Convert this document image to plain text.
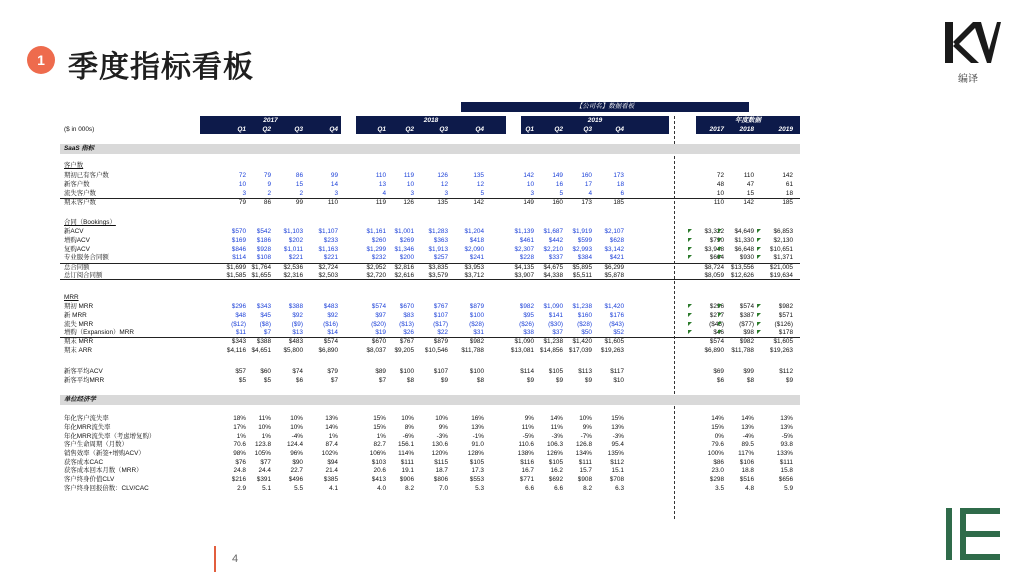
1 季度指标看板	编译
4
【公司名】数据看板
($ in 000s)
2017	2018	2019	年度数据
Q1	Q2	Q3	Q4	Q1	Q2	Q3	Q4	Q1	Q2	Q3	Q4	2017	2018	2019
SaaS 指标
客户数
期初已有客户数	72	79	86	99	110	119	126	135	142	149	160	173	72	110	142
新客户数	10	9	15	14	13	10	12	12	10	16	17	18	48	47	61
流失客户数	3	2	2	3	4	3	3	5	3	5	4	6	10	15	18
期末客户数	79	86	99	110	119	126	135	142	149	160	173	185	110	142	185
合同（Bookings）
新ACV	$570	$542	$1,103	$1,107	$1,161	$1,001	$1,283	$1,204	$1,139	$1,687	$1,919	$2,107	$3,322	$4,649	$6,853
增购ACV	$169	$186	$202	$233	$260	$269	$363	$418	$461	$442	$599	$628	$790	$1,330	$2,130
复购ACV	$846	$928	$1,011	$1,163	$1,299	$1,346	$1,913	$2,090	$2,307	$2,210	$2,993	$3,142	$3,948	$6,648	$10,651
专业服务合同额	$114	$108	$221	$221	$232	$200	$257	$241	$228	$337	$384	$421	$664	$930	$1,371
总合同额	$1,699 $1,764	$2,536	$2,724	$2,952	$2,816	$3,835	$3,953	$4,135	$4,675	$5,895	$6,299	$8,724	$13,556	$21,005
总订阅合同额	$1,585 $1,655	$2,316	$2,503	$2,720	$2,616	$3,579	$3,712	$3,907	$4,338	$5,511	$5,878	$8,059	$12,626	$19,634
MRR
期初 MRR	$296	$343	$388	$483	$574	$670	$767	$879	$982	$1,090	$1,238	$1,420	$296	$574	$982
新 MRR	$48	$45	$92	$92	$97	$83	$107	$100	$95	$141	$160	$176	$277	$387	$571
流失 MRR	($12)	($8)	($9)	($16)	($20)	($13)	($17)	($28)	($26)	($30)	($28)	($43)	($45)	($77)	($126)
增购（Expansion）MRR	$11	$7	$13	$14	$19	$26	$22	$31	$38	$37	$50	$52	$46	$98	$178
期末 MRR	$343	$388	$483	$574	$670	$767	$879	$982	$1,090	$1,238	$1,420	$1,605	$574	$982	$1,605
期末 ARR	$4,116 $4,651	$5,800	$6,890	$8,037	$9,205	$10,546	$11,788	$13,081 $14,856 $17,039	$19,263	$6,890	$11,788	$19,263
新客平均ACV	$57	$60	$74	$79	$89	$100	$107	$100	$114	$105	$113	$117	$69	$99	$112
新客平均MRR	$5	$5	$6	$7	$7	$8	$9	$8	$9	$9	$9	$10	$6	$8	$9
单位经济学
年化客户流失率	18%	11%	10%	13%	15%	10%	10%	16%	9%	14%	10%	15%	14%	14%	13%
年化MRR流失率	17%	10%	10%	14%	15%	8%	9%	13%	11%	11%	9%	13%	15%	13%	13%
年化MRR流失率（考虑增复购）	1%	1%	-4%	1%	1%	-6%	-3%	-1%	-5%	-3%	-7%	-3%	0%	-4%	-5%
客户生命周期（月数）	70.6	123.8	124.4	87.4	82.7	156.1	130.6	91.0	110.6	106.3	126.8	95.4	79.6	89.5	93.8
销售效率（新签+增购ACV）	98%	105%	96%	102%	106%	114%	120%	128%	138%	126%	134%	135%	100%	117%	133%
获客成本CAC	$76	$77	$90	$94	$103	$111	$115	$105	$116	$105	$111	$112	$86	$106	$111
获客成本回本月数（MRR）	24.8	24.4	22.7	21.4	20.6	19.1	18.7	17.3	16.7	16.2	15.7	15.1	23.0	18.8	15.8
客户终身价值CLV	$216	$391	$496	$385	$413	$906	$806	$553	$771	$692	$908	$708	$298	$516	$656
客户终身回报倍数：CLV/CAC	2.9	5.1	5.5	4.1	4.0	8.2	7.0	5.3	6.6	6.6	8.2	6.3	3.5	4.8	5.9
